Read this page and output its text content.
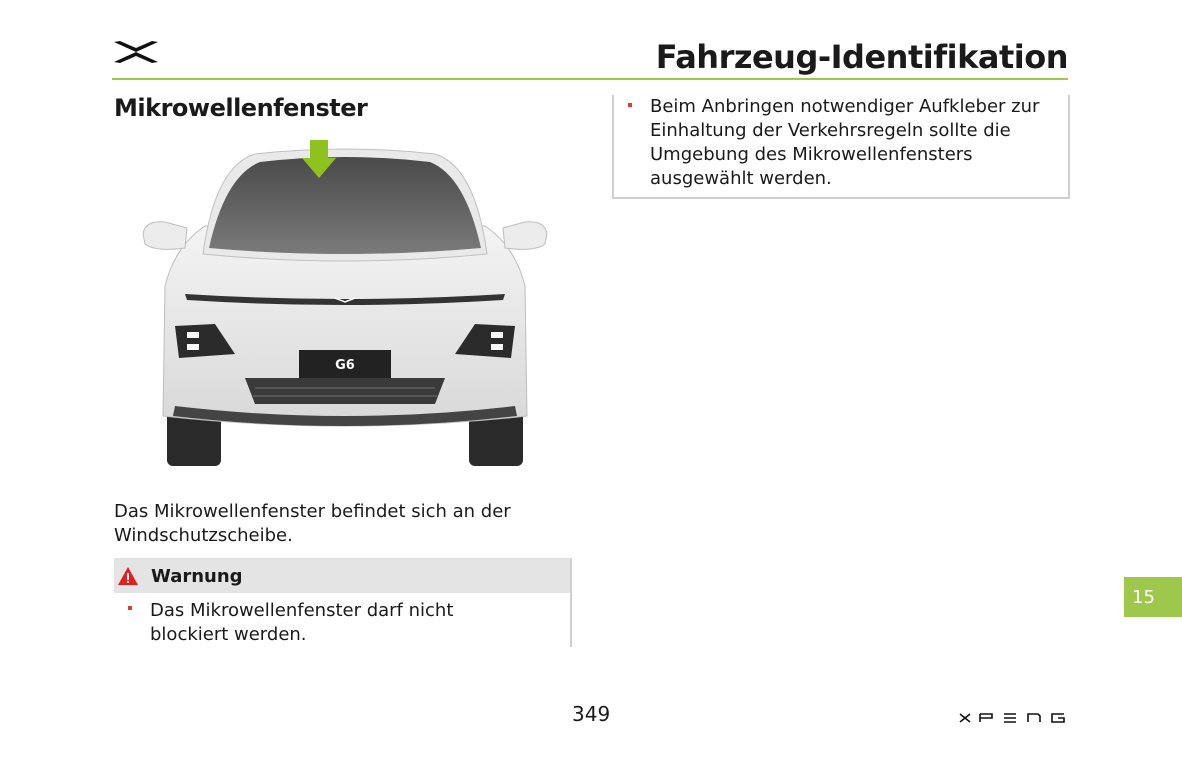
Fahrzeug-Identifikation
Mikrowellenfenster
G6
Das Mikrowellenfenster befindet sich an der Windschutzscheibe.
Warnung
Das Mikrowellenfenster darf nicht blockiert werden.
Beim Anbringen notwendiger Aufkleber zur Einhaltung der Verkehrsregeln sollte die Umgebung des Mikrowellenfensters ausgewählt werden.
349
15
